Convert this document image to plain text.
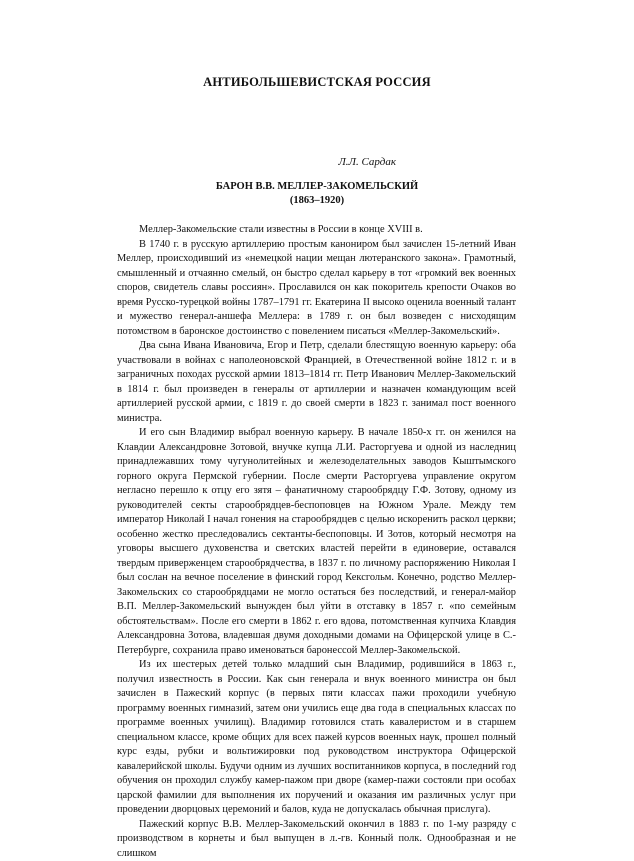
АНТИБОЛЬШЕВИСТСКАЯ РОССИЯ
Л.Л. Сардак
БАРОН В.В. МЕЛЛЕР-ЗАКОМЕЛЬСКИЙ
(1863–1920)

Меллер-Закомельские стали известны в России в конце XVIII в.

В 1740 г. в русскую артиллерию простым канониром был зачислен 15-летний Иван Меллер, происходивший из «немецкой нации мещан лютеранского закона». Грамотный, смышленный и отчаянно смелый, он быстро сделал карьеру в тот «громкий век военных споров, свидетель славы россиян». Прославился он как покоритель крепости Очаков во время Русско-турецкой войны 1787–1791 гг. Екатерина II высоко оценила военный талант и мужество генерал-аншефа Меллера: в 1789 г. он был возведен с нисходящим потомством в баронское достоинство с повелением писаться «Меллер-Закомельский».

Два сына Ивана Ивановича, Егор и Петр, сделали блестящую военную карьеру: оба участвовали в войнах с наполеоновской Францией, в Отечественной войне 1812 г. и в заграничных походах русской армии 1813–1814 гг. Петр Иванович Меллер-Закомельский в 1814 г. был произведен в генералы от артиллерии и назначен командующим всей артиллерией русской армии, с 1819 г. до своей смерти в 1823 г. занимал пост военного министра.

И его сын Владимир выбрал военную карьеру. В начале 1850-х гг. он женился на Клавдии Александровне Зотовой, внучке купца Л.И. Расторгуева и одной из наследниц принадлежавших тому чугунолитейных и железоделательных заводов Кыштымского горного округа Пермской губернии. После смерти Расторгуева управление округом негласно перешло к отцу его зятя – фанатичному старообрядцу Г.Ф. Зотову, одному из руководителей секты старообрядцев-беспоповцев на Южном Урале. Между тем император Николай I начал гонения на старообрядцев с целью искоренить раскол церкви; особенно жестко преследовались сектанты-беспоповцы. И Зотов, который несмотря на уговоры высшего духовенства и светских властей перейти в единоверие, оставался твердым приверженцем старообрядчества, в 1837 г. по личному распоряжению Николая I был сослан на вечное поселение в финский город Кексгольм. Конечно, родство Меллер-Закомельских со старообрядцами не могло остаться без последствий, и генерал-майор В.П. Меллер-Закомельский вынужден был уйти в отставку в 1857 г. «по семейным обстоятельствам». После его смерти в 1862 г. его вдова, потомственная купчиха Клавдия Александровна Зотова, владевшая двумя доходными домами на Офицерской улице в С.-Петербурге, сохранила право именоваться баронессой Меллер-Закомельской.

Из их шестерых детей только младший сын Владимир, родившийся в 1863 г., получил известность в России. Как сын генерала и внук военного министра он был зачислен в Пажеский корпус (в первых пяти классах пажи проходили учебную программу военных гимназий, затем они учились еще два года в специальных классах по программе военных училищ). Владимир готовился стать кавалеристом и в старшем специальном классе, кроме общих для всех пажей курсов военных наук, прошел полный курс езды, рубки и вольтижировки под руководством инструктора Офицерской кавалерийской школы. Будучи одним из лучших воспитанников корпуса, в последний год обучения он проходил службу камер-пажом при дворе (камер-пажи состояли при особах царской фамилии для выполнения их поручений и оказания им различных услуг при проведении дворцовых церемоний и балов, куда не допускалась обычная прислуга).

Пажеский корпус В.В. Меллер-Закомельский окончил в 1883 г. по 1-му разряду с производством в корнеты и был выпущен в л.-гв. Конный полк. Однообразная и не слишком
